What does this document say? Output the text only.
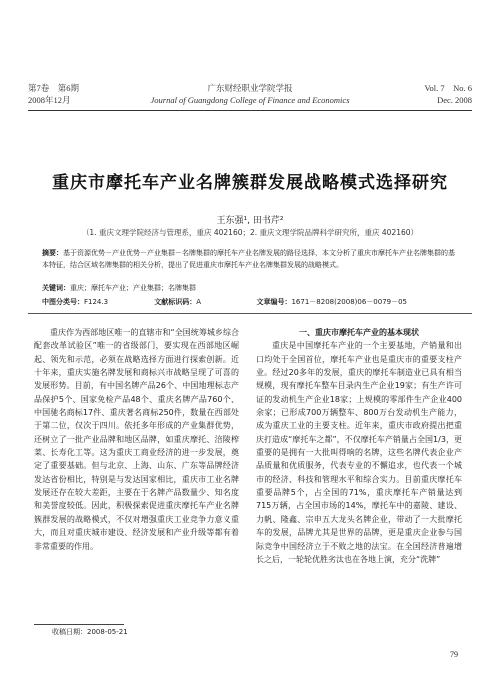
第7卷　第6期
2008年12月
广东财经职业学院学报
Journal of Guangdong College of Finance and Economics
Vol. 7　No. 6
Dec. 2008
重庆市摩托车产业名牌簇群发展战略模式选择研究
王东强¹, 田书芹²
（1. 重庆文理学院经济与管理系，重庆 402160；2. 重庆文理学院品牌科学研究所，重庆 402160）
摘要：基于资源优势－产业优势－产业集群－名牌集群的摩托车产业名牌发展的路径选择，本文分析了重庆市摩托车产业名牌集群的基本特征，结合区域名牌集群的相关分析，提出了促进重庆市摩托车产业名牌集群发展的战略模式。
关键词：重庆；摩托车产业；产业集群；名牌集群
中图分类号：F124.3	文献标识码：A	文章编号：1671－8208(2008)06－0079－05

重庆作为西部地区唯一的直辖市和“全国统筹城乡综合配套改革试验区”唯一的省级部门，要实现在西部地区崛起、领先和示范，必须在战略选择方面进行探索创新。近十年来，重庆实施名牌发展和商标兴市战略呈现了可喜的发展形势。目前，有中国名牌产品26个、中国地理标志产品保护5个、国家免检产品48个、重庆名牌产品760个、中国驰名商标17件、重庆著名商标250件，数量在西部处于第二位，仅次于四川。依托多年形成的产业集群优势，还树立了一批产业品牌和地区品牌，如重庆摩托、涪陵榨菜、长寿化工等。这为重庆工商业经济的进一步发展，奠定了重要基础。但与北京、上海、山东、广东等品牌经济发达省份相比，特别是与发达国家相比，重庆市工业名牌发展还存在较大差距，主要在于名牌产品数量少、知名度和美誉度较低。因此，积极探索促进重庆摩托车产业名牌簇群发展的战略模式，不仅对增强重庆工业竞争力意义重大，而且对重庆城市建设、经济发展和产业升级等都有着非常重要的作用。

一、重庆市摩托车产业的基本现状

重庆是中国摩托车产业的一个主要基地，产销量和出口均处于全国首位，摩托车产业也是重庆市的重要支柱产业。经过20多年的发展，重庆的摩托车制造业已具有相当规模，现有摩托车整车目录内生产企业19家；有生产许可证的发动机生产企业18家；上规模的零部件生产企业400余家；已形成700万辆整车、800万台发动机生产能力，成为重庆工业的主要支柱。近年来，重庆市政府提出把重庆打造成“摩托车之都”，不仅摩托车产销量占全国1/3，更重要的是拥有一大批叫得响的名牌，这些名牌代表企业产品质量和优质服务，代表专业的不懈追求，也代表一个城市的经济、科技和管理水平和综合实力。目前重庆摩托车重要品牌5个，占全国的71%，重庆摩托车产销量达到715万辆，占全国市场的14%，摩托车中的嘉陵、建设、力帆、隆鑫、宗申五大龙头名牌企业，带动了一大批摩托车的发展，品牌尤其是世界的品牌，更是重庆企业参与国际竞争中国经济立于不败之地的法宝。在全国经济普遍增长之后，一轮轮优胜劣汰也在各地上演，充分“洗牌”

收稿日期：2008-05-21
79
